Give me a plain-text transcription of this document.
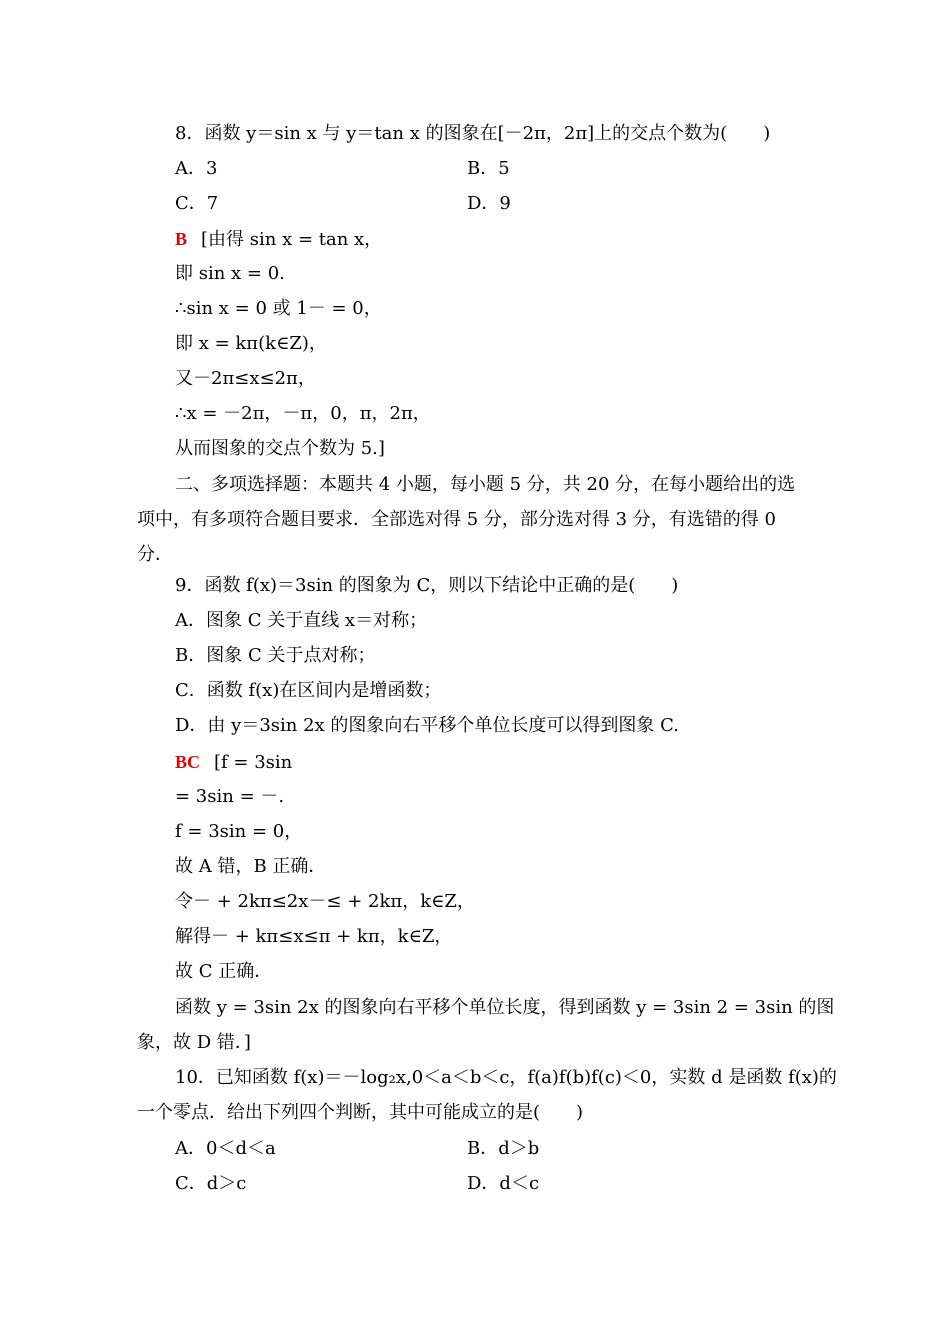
8．函数 y＝sin x 与 y＝tan x 的图象在[－2π，2π]上的交点个数为(　　)
A．3	B．5
C．7	D．9
B [由得 sin x = tan x，
即 sin x = 0.
∴sin x = 0 或 1－ = 0，
即 x = kπ(k∈Z)，
又－2π≤x≤2π，
∴x = －2π，－π，0，π，2π，
从而图象的交点个数为 5.]
二、多项选择题：本题共 4 小题，每小题 5 分，共 20 分，在每小题给出的选
项中，有多项符合题目要求．全部选对得 5 分，部分选对得 3 分，有选错的得 0
分．
9．函数 f(x)＝3sin 的图象为 C，则以下结论中正确的是(　　)
A．图象 C 关于直线 x＝对称；
B．图象 C 关于点对称；
C．函数 f(x)在区间内是增函数；
D．由 y＝3sin 2x 的图象向右平移个单位长度可以得到图象 C.
BC [f = 3sin
= 3sin = －.
f = 3sin = 0，
故 A 错，B 正确．
令－ + 2kπ≤2x－≤ + 2kπ，k∈Z，
解得－ + kπ≤x≤π + kπ，k∈Z，
故 C 正确．
函数 y = 3sin 2x 的图象向右平移个单位长度，得到函数 y = 3sin 2 = 3sin 的图
象，故 D 错．]
10．已知函数 f(x)＝－log₂x,0＜a＜b＜c，f(a)f(b)f(c)＜0，实数 d 是函数 f(x)的
一个零点．给出下列四个判断，其中可能成立的是(　　)
A．0＜d＜a	B．d＞b
C．d＞c	D．d＜c
